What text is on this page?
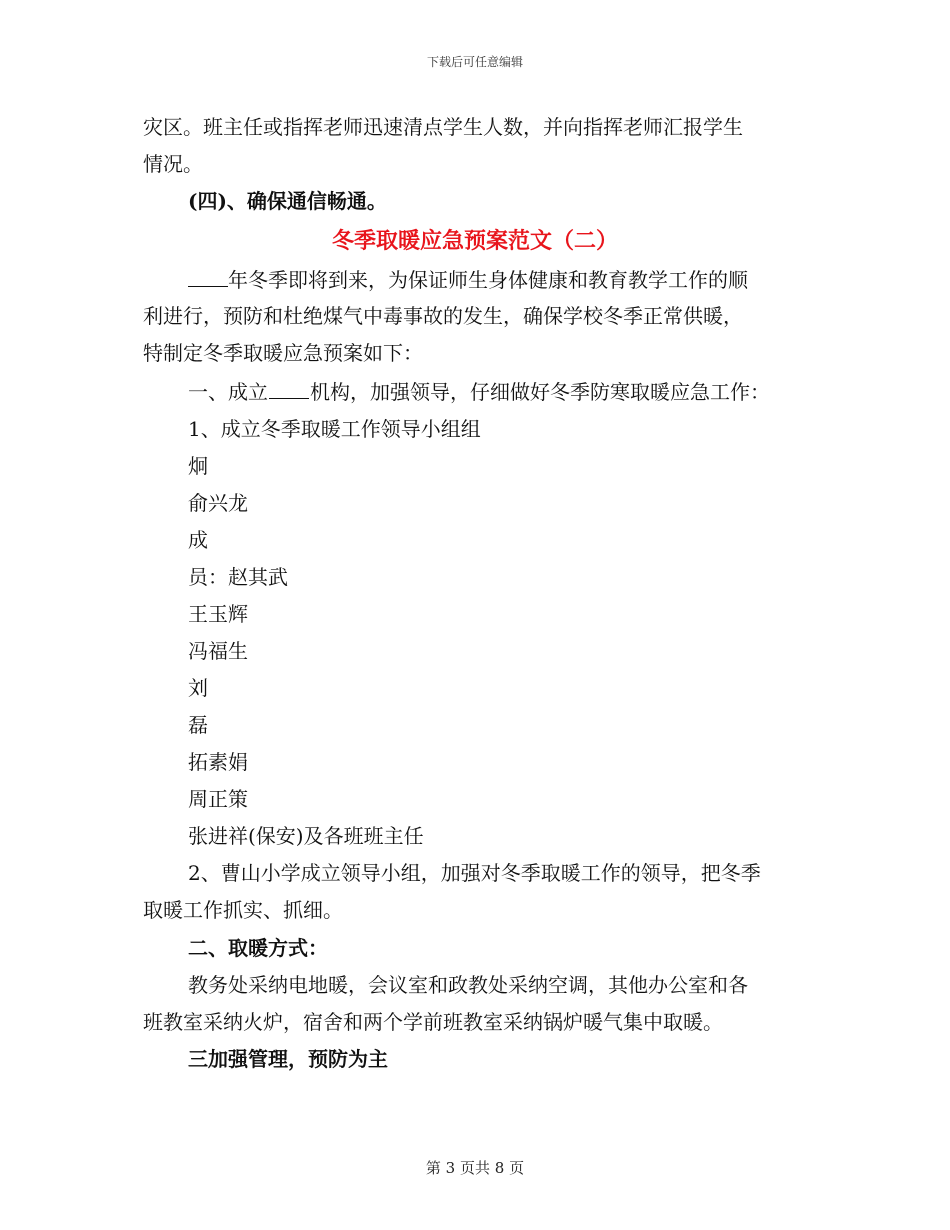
下载后可任意编辑
灾区。班主任或指挥老师迅速清点学生人数，并向指挥老师汇报学生
情况。
(四)、确保通信畅通。
冬季取暖应急预案范文（二）
年冬季即将到来，为保证师生身体健康和教育教学工作的顺
利进行，预防和杜绝煤气中毒事故的发生，确保学校冬季正常供暖，
特制定冬季取暖应急预案如下：
一、成立 机构，加强领导，仔细做好冬季防寒取暖应急工作：
1、成立冬季取暖工作领导小组组
炯
俞兴龙
成
员：赵其武
王玉辉
冯福生
刘
磊
拓素娟
周正策
张进祥(保安)及各班班主任
2、曹山小学成立领导小组，加强对冬季取暖工作的领导，把冬季
取暖工作抓实、抓细。
二、取暖方式：
教务处采纳电地暖，会议室和政教处采纳空调，其他办公室和各
班教室采纳火炉，宿舍和两个学前班教室采纳锅炉暖气集中取暖。
三加强管理，预防为主
第 3 页共 8 页
